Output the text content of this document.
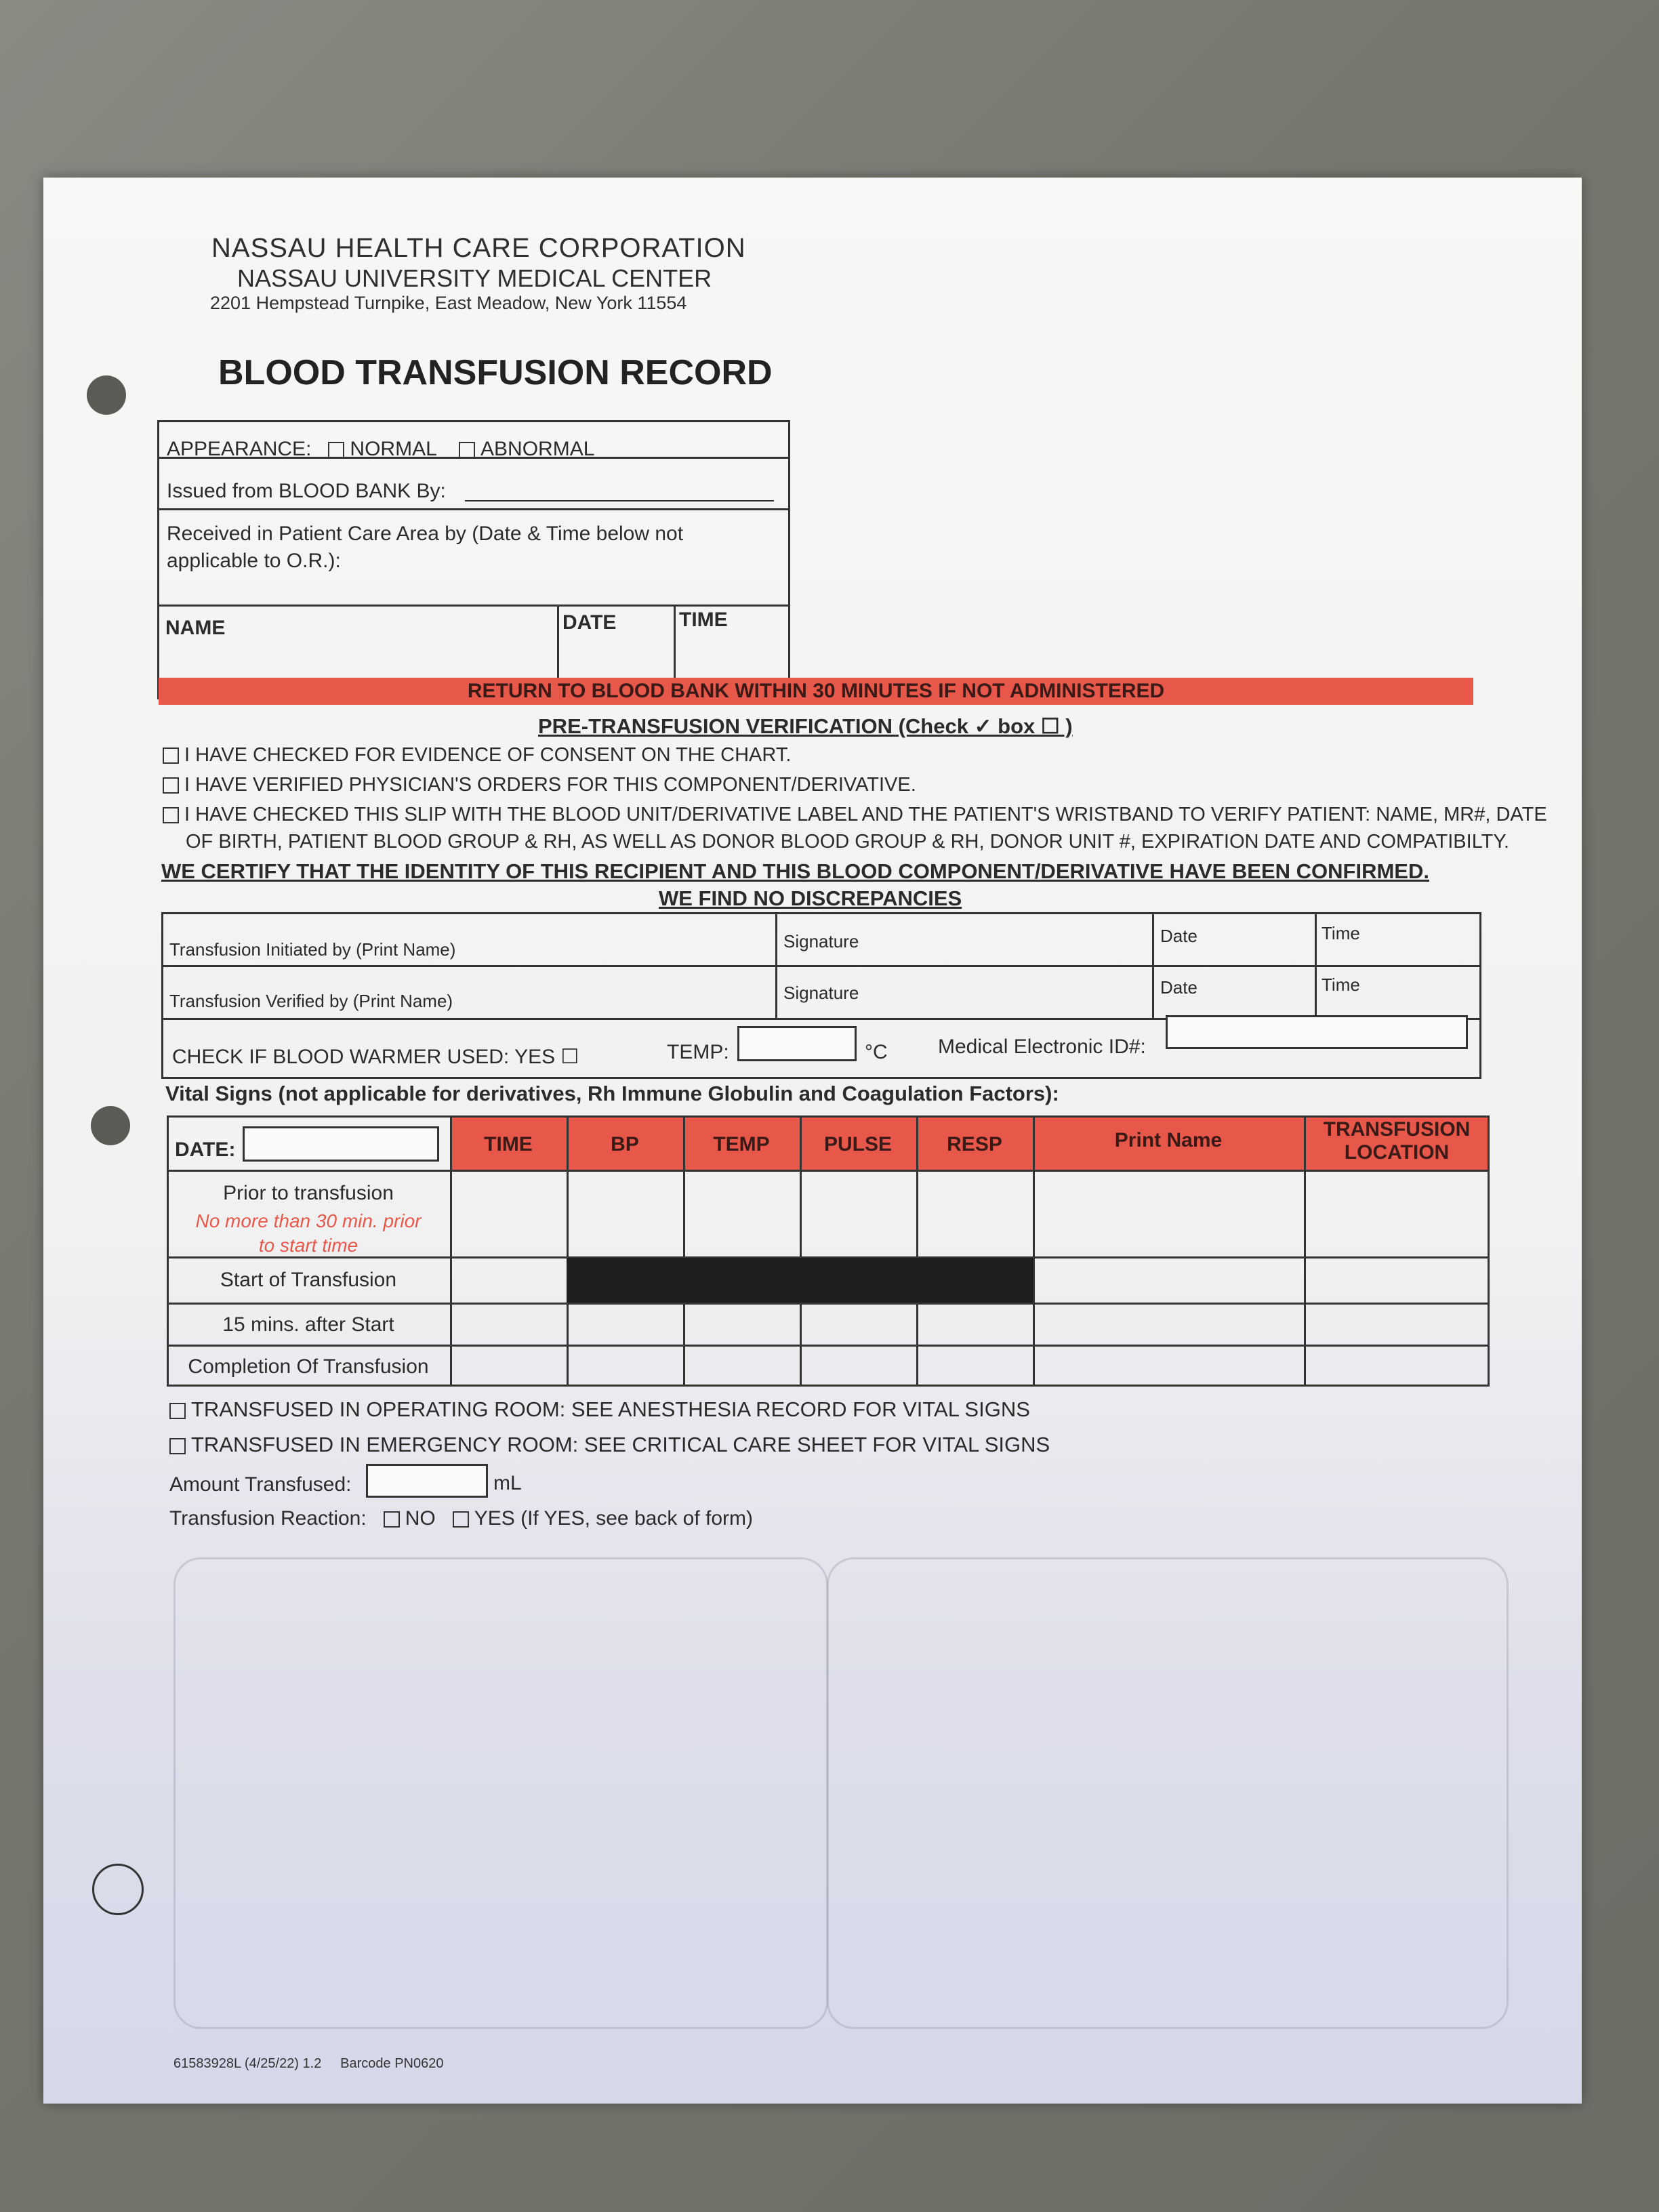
NASSAU HEALTH CARE CORPORATION
NASSAU UNIVERSITY MEDICAL CENTER
2201 Hempstead Turnpike, East Meadow, New York 11554
BLOOD TRANSFUSION RECORD
APPEARANCE: NORMAL ABNORMAL
Issued from BLOOD BANK By:
Received in Patient Care Area by (Date & Time below not applicable to O.R.):
NAME	DATE	TIME
RETURN TO BLOOD BANK WITHIN 30 MINUTES IF NOT ADMINISTERED
PRE-TRANSFUSION VERIFICATION (Check ✓ box ☐ )
I HAVE CHECKED FOR EVIDENCE OF CONSENT ON THE CHART.
I HAVE VERIFIED PHYSICIAN'S ORDERS FOR THIS COMPONENT/DERIVATIVE.
I HAVE CHECKED THIS SLIP WITH THE BLOOD UNIT/DERIVATIVE LABEL AND THE PATIENT'S WRISTBAND TO VERIFY PATIENT: NAME, MR#, DATE
OF BIRTH, PATIENT BLOOD GROUP & RH, AS WELL AS DONOR BLOOD GROUP & RH, DONOR UNIT #, EXPIRATION DATE AND COMPATIBILTY.
WE CERTIFY THAT THE IDENTITY OF THIS RECIPIENT AND THIS BLOOD COMPONENT/DERIVATIVE HAVE BEEN CONFIRMED.
WE FIND NO DISCREPANCIES
Transfusion Initiated by (Print Name)	Signature	Date	Time
Transfusion Verified by (Print Name)	Signature	Date	Time
CHECK IF BLOOD WARMER USED: YES ☐	TEMP:	°C Medical Electronic ID#:
Vital Signs (not applicable for derivatives, Rh Immune Globulin and Coagulation Factors):
DATE:	TIME	BP	TEMP	PULSE	RESP	Print Name	TRANSFUSION LOCATION
Prior to transfusion
No more than 30 min. prior to start time
Start of Transfusion
15 mins. after Start
Completion Of Transfusion
TRANSFUSED IN OPERATING ROOM: SEE ANESTHESIA RECORD FOR VITAL SIGNS
TRANSFUSED IN EMERGENCY ROOM: SEE CRITICAL CARE SHEET FOR VITAL SIGNS
Amount Transfused:	mL
Transfusion Reaction: NO YES (If YES, see back of form)
61583928L (4/25/22) 1.2 Barcode PN0620
